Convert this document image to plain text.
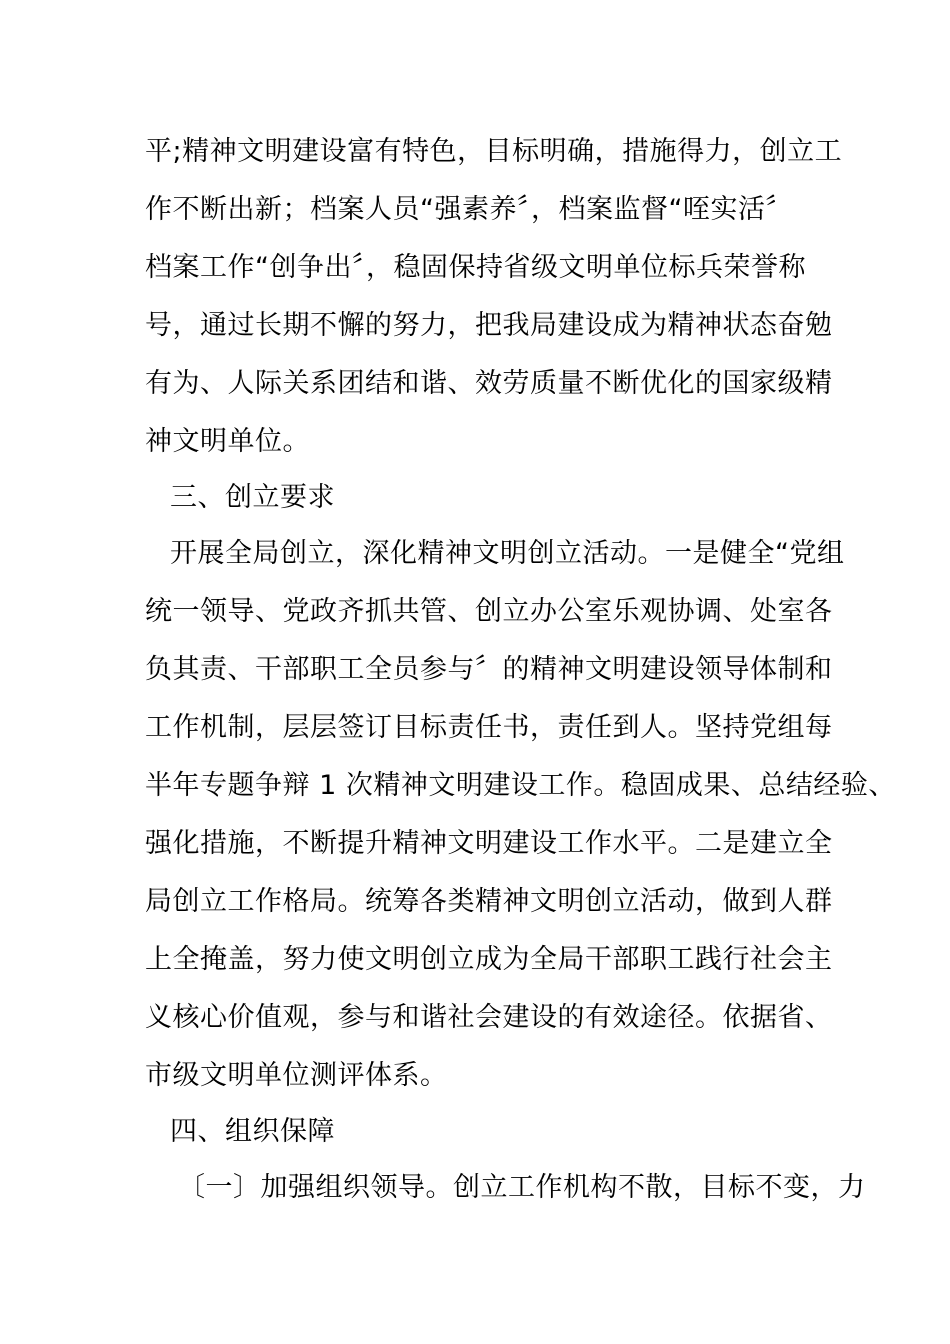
平;精神文明建设富有特色，目标明确，措施得力，创立工
作不断出新；档案人员“强素养〞，档案监督“咥实活〞
档案工作“创争出〞，稳固保持省级文明单位标兵荣誉称
号，通过长期不懈的努力，把我局建设成为精神状态奋勉
有为、人际关系团结和谐、效劳质量不断优化的国家级精
神文明单位。
三、创立要求
开展全局创立，深化精神文明创立活动。一是健全“党组
统一领导、党政齐抓共管、创立办公室乐观协调、处室各
负其责、干部职工全员参与〞的精神文明建设领导体制和
工作机制，层层签订目标责任书，责任到人。坚持党组每
半年专题争辩 1 次精神文明建设工作。稳固成果、总结经验、
强化措施，不断提升精神文明建设工作水平。二是建立全
局创立工作格局。统筹各类精神文明创立活动，做到人群
上全掩盖，努力使文明创立成为全局干部职工践行社会主
义核心价值观，参与和谐社会建设的有效途径。依据省、
市级文明单位测评体系。
四、组织保障
〔一〕加强组织领导。创立工作机构不散，目标不变，力
